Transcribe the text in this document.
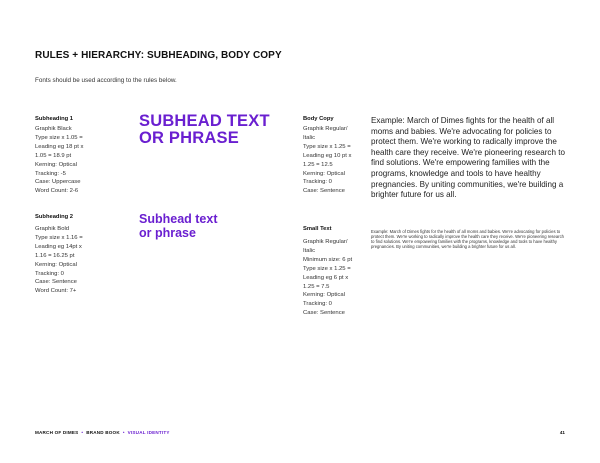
RULES + HIERARCHY: SUBHEADING, BODY COPY
Fonts should be used according to the rules below.
Subheading 1
Graphik Black
Type size x 1.05 =
Leading eg 18 pt x
1.05 = 18.9 pt
Kerning: Optical
Tracking: -5
Case: Uppercase
Word Count: 2-6
SUBHEAD TEXT
OR PHRASE
Subheading 2
Graphik Bold
Type size x 1.16 =
Leading eg 14pt x
1.16 = 16.25 pt
Kerning: Optical
Tracking: 0
Case: Sentence
Word Count: 7+
Subhead text
or phrase
Body Copy
Graphik Regular/
Italic
Type size x 1.25 =
Leading eg 10 pt x
1.25 = 12.5
Kerning: Optical
Tracking: 0
Case: Sentence
Example: March of Dimes fights for the health of all moms and babies. We're advocating for policies to protect them. We're working to radically improve the health care they receive. We're pioneering research to find solutions. We're empowering families with the programs, knowledge and tools to have healthy pregnancies. By uniting communities, we're building a brighter future for us all.
Small Text
Graphik Regular/
Italic
Minimum size: 6 pt
Type size x 1.25 =
Leading eg 6 pt x
1.25 = 7.5
Kerning: Optical
Tracking: 0
Case: Sentence
Example: March of Dimes fights for the health of all moms and babies. We're advocating for policies to protect them. We're working to radically improve the health care they receive. We're pioneering research to find solutions. We're empowering families with the programs, knowledge and tools to have healthy pregnancies. By uniting communities, we're building a brighter future for us all.
MARCH OF DIMES • BRAND BOOK • VISUAL IDENTITY	41
